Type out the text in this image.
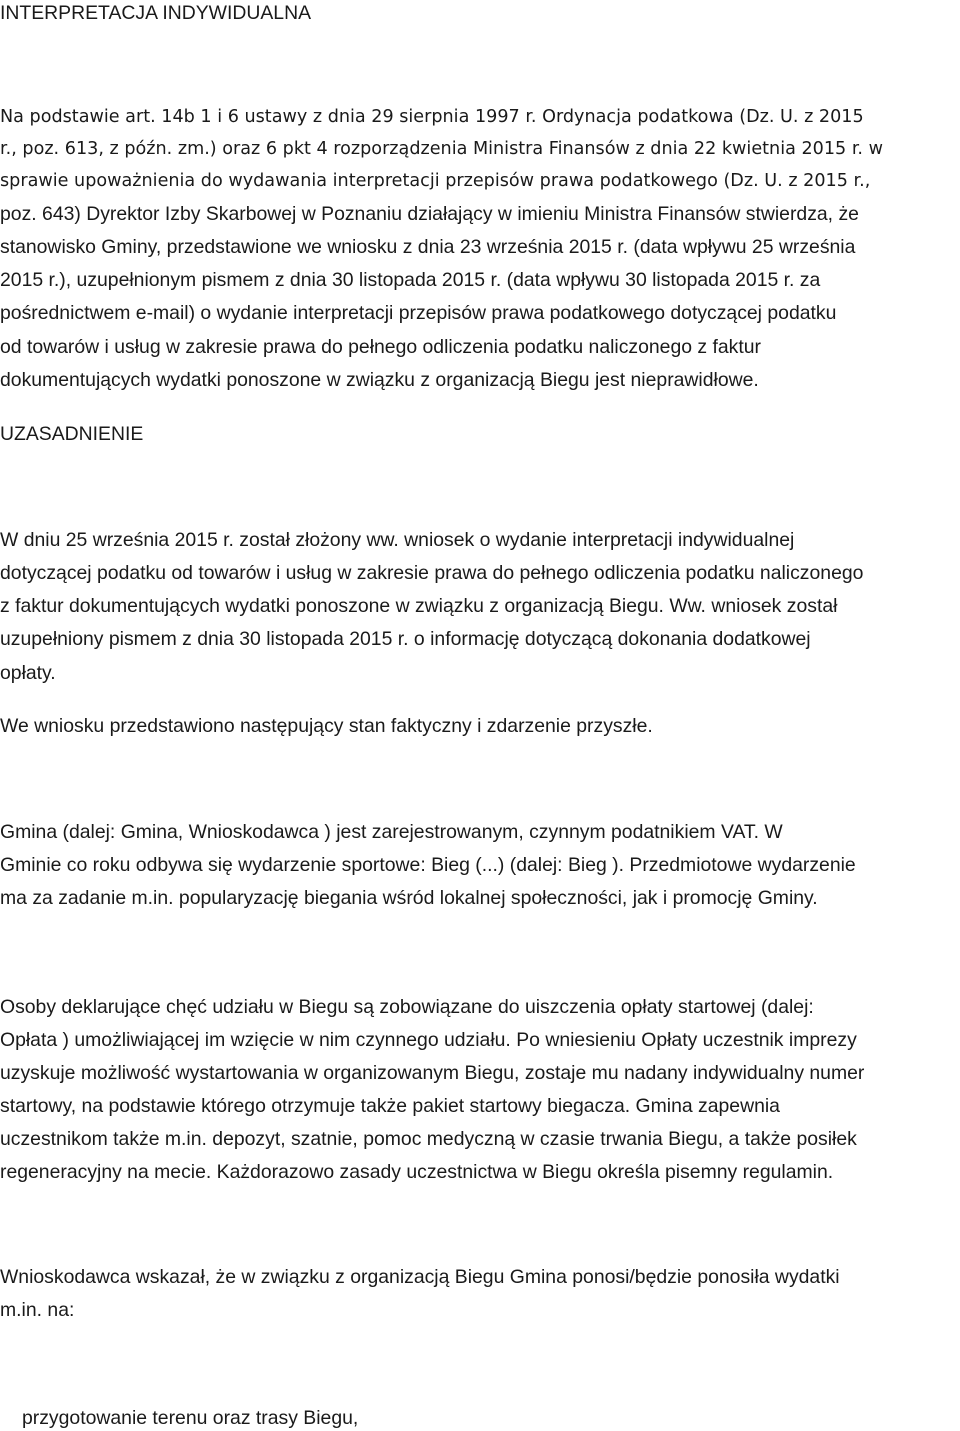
INTERPRETACJA INDYWIDUALNA

Na podstawie art. 14b 1 i 6 ustawy z dnia 29 sierpnia 1997 r. Ordynacja podatkowa (Dz. U. z 2015

r., poz. 613, z późn. zm.) oraz 6 pkt 4 rozporządzenia Ministra Finansów z dnia 22 kwietnia 2015 r. w

sprawie upoważnienia do wydawania interpretacji przepisów prawa podatkowego (Dz. U. z 2015 r.,

poz. 643) Dyrektor Izby Skarbowej w Poznaniu działający w imieniu Ministra Finansów stwierdza, że

stanowisko Gminy, przedstawione we wniosku z dnia 23 września 2015 r. (data wpływu 25 września

2015 r.), uzupełnionym pismem z dnia 30 listopada 2015 r. (data wpływu 30 listopada 2015 r. za

pośrednictwem e-mail) o wydanie interpretacji przepisów prawa podatkowego dotyczącej podatku

od towarów i usług w zakresie prawa do pełnego odliczenia podatku naliczonego z faktur

dokumentujących wydatki ponoszone w związku z organizacją Biegu jest nieprawidłowe.

UZASADNIENIE

W dniu 25 września 2015 r. został złożony ww. wniosek o wydanie interpretacji indywidualnej

dotyczącej podatku od towarów i usług w zakresie prawa do pełnego odliczenia podatku naliczonego

z faktur dokumentujących wydatki ponoszone w związku z organizacją Biegu. Ww. wniosek został

uzupełniony pismem z dnia 30 listopada 2015 r. o informację dotyczącą dokonania dodatkowej

opłaty.

We wniosku przedstawiono następujący stan faktyczny i zdarzenie przyszłe.

Gmina (dalej: Gmina, Wnioskodawca ) jest zarejestrowanym, czynnym podatnikiem VAT. W

Gminie co roku odbywa się wydarzenie sportowe: Bieg (...) (dalej: Bieg ). Przedmiotowe wydarzenie

ma za zadanie m.in. popularyzację biegania wśród lokalnej społeczności, jak i promocję Gminy.

Osoby deklarujące chęć udziału w Biegu są zobowiązane do uiszczenia opłaty startowej (dalej:

Opłata ) umożliwiającej im wzięcie w nim czynnego udziału. Po wniesieniu Opłaty uczestnik imprezy

uzyskuje możliwość wystartowania w organizowanym Biegu, zostaje mu nadany indywidualny numer

startowy, na podstawie którego otrzymuje także pakiet startowy biegacza. Gmina zapewnia

uczestnikom także m.in. depozyt, szatnie, pomoc medyczną w czasie trwania Biegu, a także posiłek

regeneracyjny na mecie. Każdorazowo zasady uczestnictwa w Biegu określa pisemny regulamin.

Wnioskodawca wskazał, że w związku z organizacją Biegu Gmina ponosi/będzie ponosiła wydatki

m.in. na:

przygotowanie terenu oraz trasy Biegu,
